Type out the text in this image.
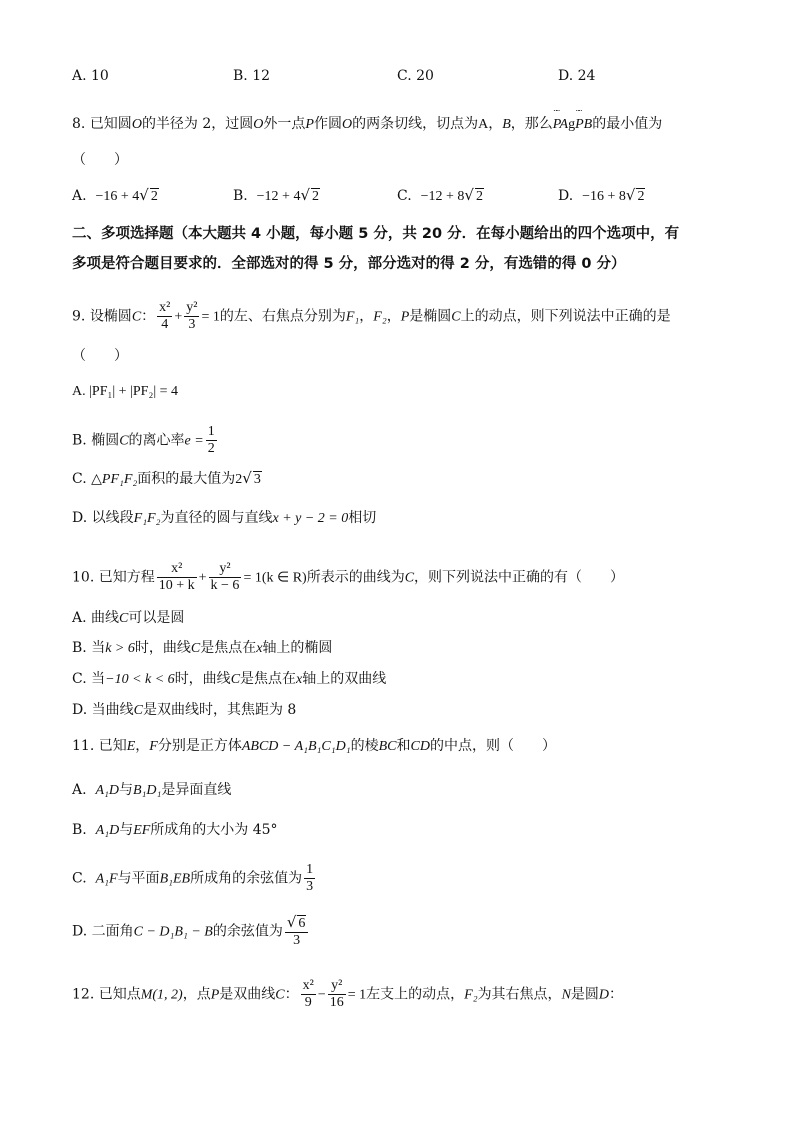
A. 10	B. 12	C. 20	D. 24
8. 已知圆O的半径为 2，过圆O外一点P作圆O的两条切线，切点为A，B，那么¨¨ PAg¨¨ PB的最小值为
（　　）
A. −16 + 4√ 2	B. −12 + 4√ 2	C. −12 + 8√ 2	D. −16 + 8√ 2
二、多项选择题（本大题共 4 小题，每小题 5 分，共 20 分．在每小题给出的四个选项中，有
多项是符合题目要求的．全部选对的得 5 分，部分选对的得 2 分，有选错的得 0 分）
9. 设椭圆C： $\frac{\text{x²}}{4} + \frac{\text{y²}}{3} = 1$的左、右焦点分别为F₁，F₂，P是椭圆C上的动点，则下列说法中正确的是
（　　）
A. |PF₁| + |PF₂| = 4
B. 椭圆C的离心率$e = \frac{1}{2}$
C. △PF₁F₂面积的最大值为2√ 3
D. 以线段F₁F₂为直径的圆与直线x + y − 2 = 0相切
10. 已知方程 $\frac{\text{x²}}{10 + k} + \frac{\text{y²}}{k - 6} = 1(k$ ∈ R)所表示的曲线为C，则下列说法中正确的有（　　）
A. 曲线C可以是圆
B. 当k > 6时，曲线C是焦点在x轴上的椭圆
C. 当−10 < k < 6时，曲线C是焦点在x轴上的双曲线
D. 当曲线C是双曲线时，其焦距为 8
11. 已知E，F分别是正方体ABCD − A₁B₁C₁D₁的棱BC和CD的中点，则（　　）
A. A₁D与B₁D₁是异面直线
B. A₁D与EF所成角的大小为 45°
C. A₁F与平面B₁EB所成角的余弦值为 $\frac{1}{3}$
D. 二面角C − D₁B₁ − B的余弦值为 $\frac{√ 6}{3}$
12. 已知点M(1, 2)，点P是双曲线C： $\frac{\text{x²}}{9} - \frac{\text{y²}}{16} = 1$左支上的动点，F₂为其右焦点，N是圆D：
